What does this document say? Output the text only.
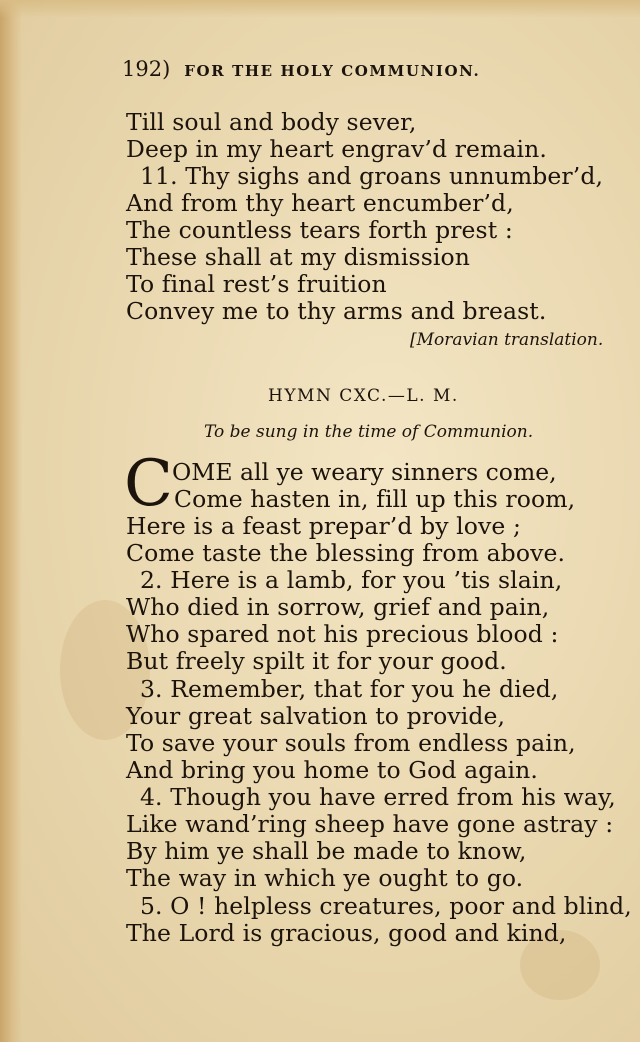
192) FOR THE HOLY COMMUNION.
Till soul and body sever,
Deep in my heart engrav’d remain.
11. Thy sighs and groans unnumber’d,
And from thy heart encumber’d,
The countless tears forth prest :
These shall at my dismission
To final rest’s fruition
Convey me to thy arms and breast.
[Moravian translation.
HYMN CXC.—L. M.
To be sung in the time of Communion.
C OME all ye weary sinners come,
Come hasten in, fill up this room,
Here is a feast prepar’d by love ;
Come taste the blessing from above.
2. Here is a lamb, for you ’tis slain,
Who died in sorrow, grief and pain,
Who spared not his precious blood :
But freely spilt it for your good.
3. Remember, that for you he died,
Your great salvation to provide,
To save your souls from endless pain,
And bring you home to God again.
4. Though you have erred from his way,
Like wand’ring sheep have gone astray :
By him ye shall be made to know,
The way in which ye ought to go.
5. O ! helpless creatures, poor and blind,
The Lord is gracious, good and kind,
